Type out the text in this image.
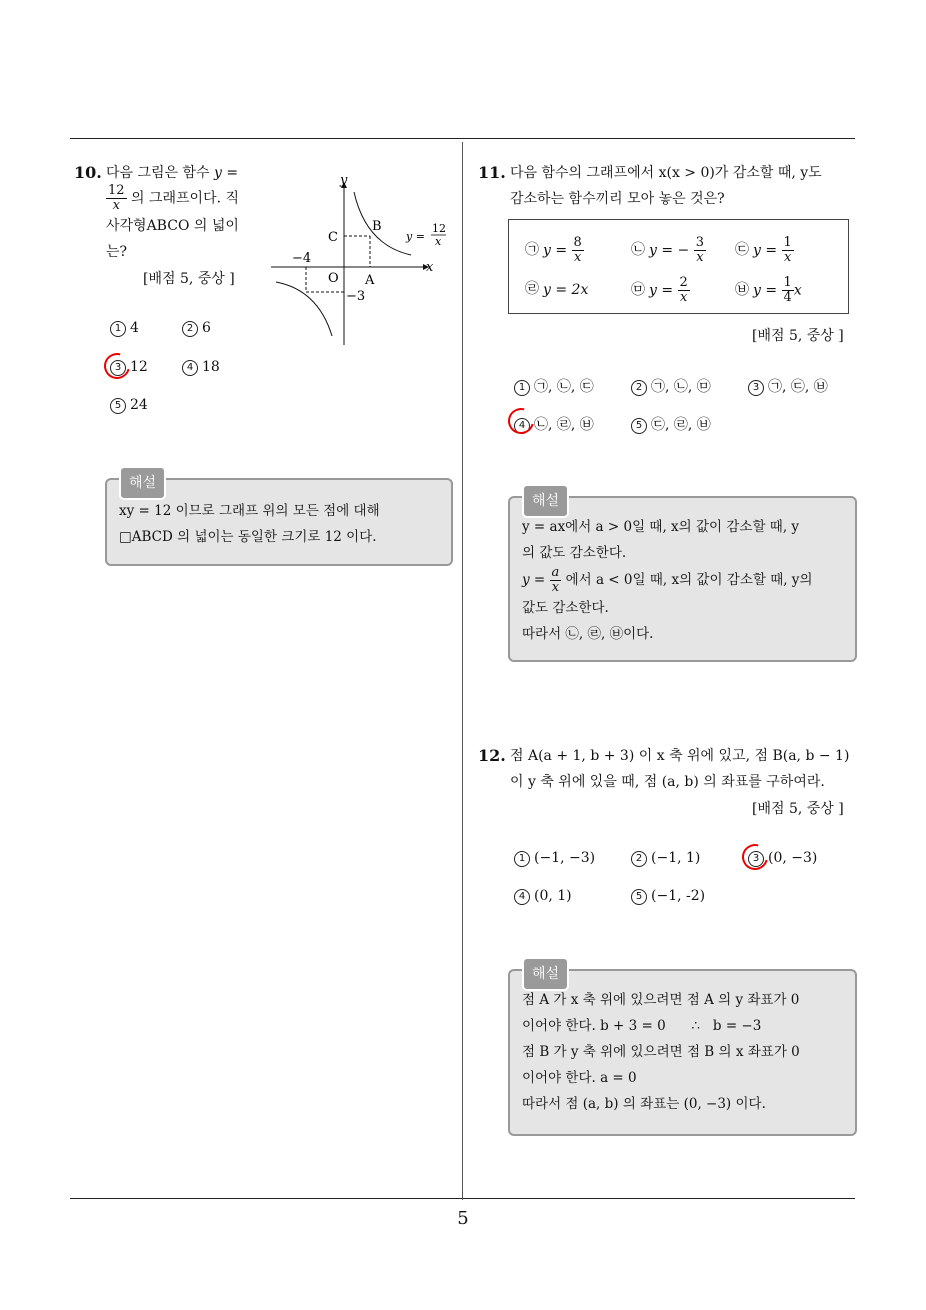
10. 다음 그림은 함수 y =
$\frac{12}{x}$ 의 그래프이다. 직
사각형ABCO 의 넓이
는?
[배점 5, 중상 ]
y
x
C
B
O A
−4
−3
y =
12
x
1 4	2 6
3 12	4 18
5 24
해설
xy = 12 이므로 그래프 위의 모든 점에 대해
□ABCD 의 넓이는 동일한 크기로 12 이다.
11. 다음 함수의 그래프에서 x(x > 0)가 감소할 때, y도
감소하는 함수끼리 모아 놓은 것은?
㉠ $y = \frac{8}{x}$	㉡ y = − $\frac{3}{x}$ ㉢ $y = \frac{1}{x}$
㉣ y = 2x	㉤ $y = \frac{2}{x}$	㉥ $y = \frac{1}{4}$ x
[배점 5, 중상 ]
1 ㉠, ㉡, ㉢	2 ㉠, ㉡, ㉤	3 ㉠, ㉢, ㉥
4 ㉡, ㉣, ㉥	5 ㉢, ㉣, ㉥
해설
y = ax에서 a > 0일 때, x의 값이 감소할 때, y
의 값도 감소한다.
$y = \frac{a}{x}$ 에서 a < 0일 때, x의 값이 감소할 때, y의
값도 감소한다.
따라서 ㉡, ㉣, ㉥이다.
12. 점 A(a + 1, b + 3) 이 x 축 위에 있고, 점 B(a, b − 1)
이 y 축 위에 있을 때, 점 (a, b) 의 좌표를 구하여라.
[배점 5, 중상 ]
1 (−1, −3)	2 (−1, 1)	3 (0, −3)
4 (0, 1)	5 (−1, -2)
해설
점 A 가 x 축 위에 있으려면 점 A 의 y 좌표가 0
이어야 한다. b + 3 = 0      ∴   b = −3
점 B 가 y 축 위에 있으려면 점 B 의 x 좌표가 0
이어야 한다. a = 0
따라서 점 (a, b) 의 좌표는 (0, −3) 이다.
5
